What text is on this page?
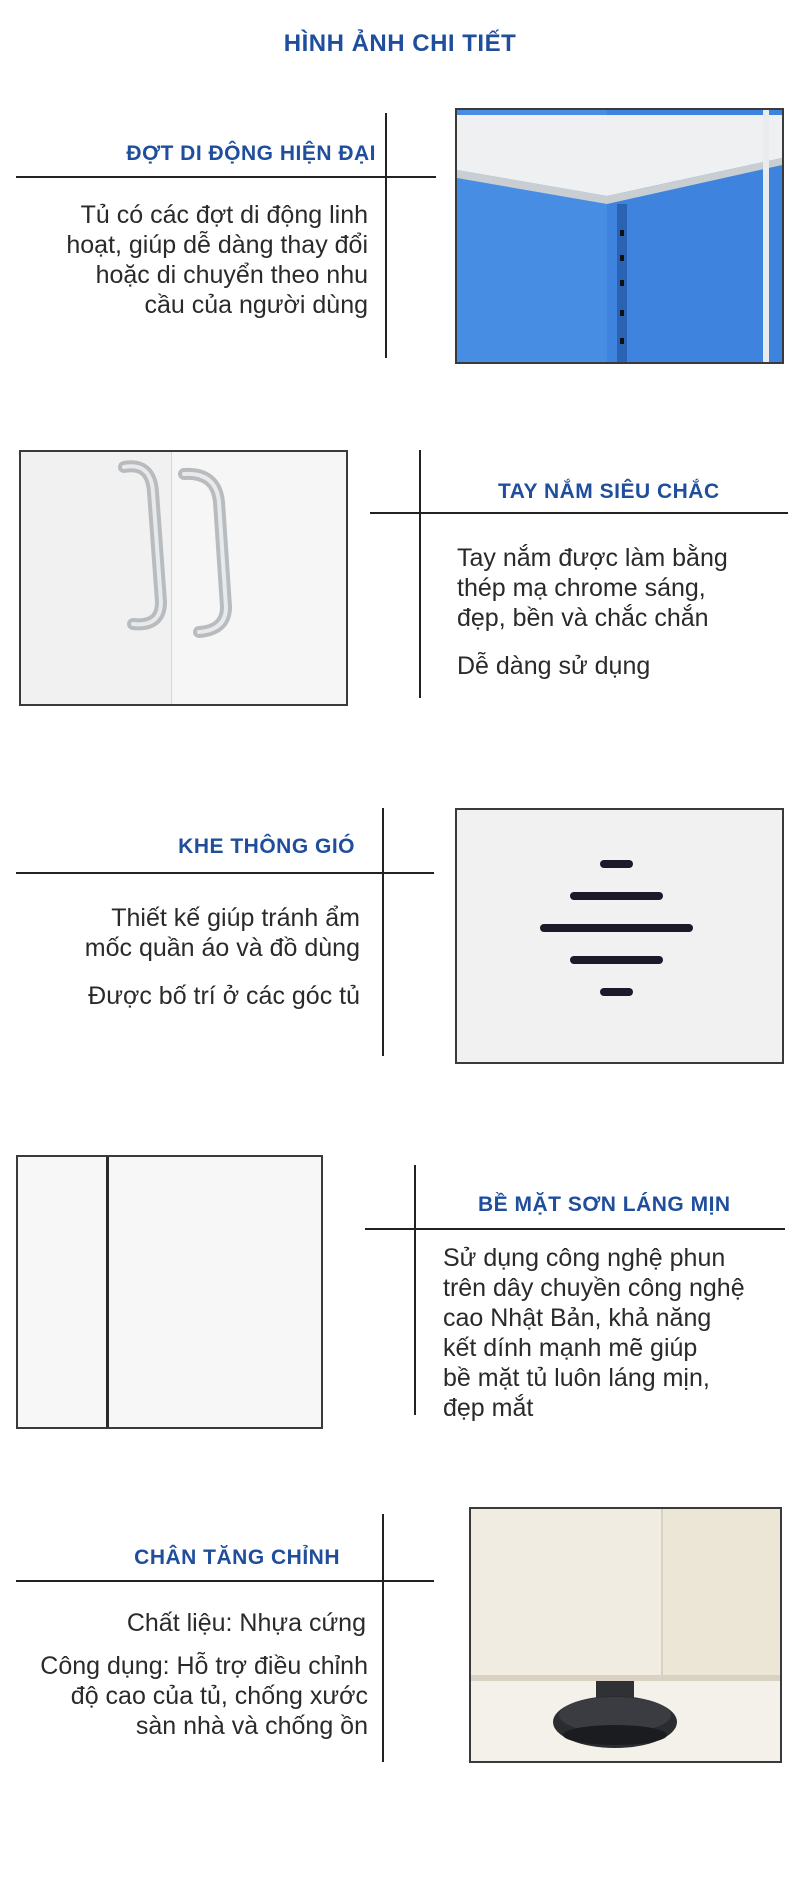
HÌNH ẢNH CHI TIẾT
ĐỢT DI ĐỘNG HIỆN ĐẠI
Tủ có các đợt di động linh
hoạt, giúp dễ dàng thay đổi
hoặc di chuyển theo nhu
cầu của người dùng
TAY NẮM SIÊU CHẮC
Tay nắm được làm bằng
thép mạ chrome sáng,
đẹp, bền và chắc chắn
Dễ dàng sử dụng
KHE THÔNG GIÓ
Thiết kế giúp tránh ẩm
mốc quần áo và đồ dùng
Được bố trí ở các góc tủ
BỀ MẶT SƠN LÁNG MỊN
Sử dụng công nghệ phun
trên dây chuyền công nghệ
cao Nhật Bản, khả năng
kết dính mạnh mẽ giúp
bề mặt tủ luôn láng mịn,
đẹp mắt
CHÂN TĂNG CHỈNH
Chất liệu: Nhựa cứng
Công dụng: Hỗ trợ điều chỉnh
độ cao của tủ, chống xước
sàn nhà và chống ồn
